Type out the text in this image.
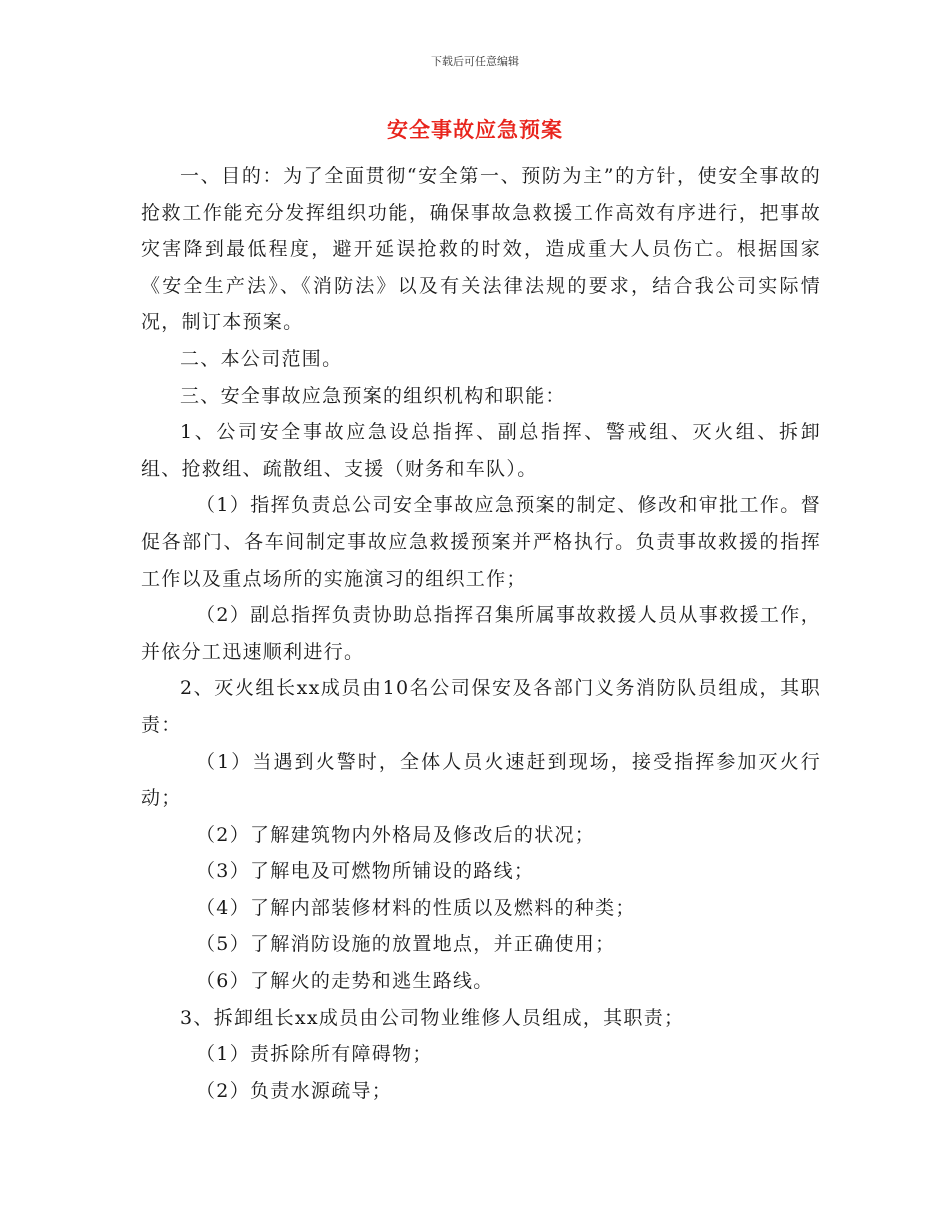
下载后可任意编辑
安全事故应急预案

一、目的：为了全面贯彻“安全第一、预防为主”的方针，使安全事故的抢救工作能充分发挥组织功能，确保事故急救援工作高效有序进行，把事故灾害降到最低程度，避开延误抢救的时效，造成重大人员伤亡。根据国家《安全生产法》、《消防法》以及有关法律法规的要求，结合我公司实际情况，制订本预案。

二、本公司范围。

三、安全事故应急预案的组织机构和职能：

1、公司安全事故应急设总指挥、副总指挥、警戒组、灭火组、拆卸组、抢救组、疏散组、支援（财务和车队）。

（1）指挥负责总公司安全事故应急预案的制定、修改和审批工作。督促各部门、各车间制定事故应急救援预案并严格执行。负责事故救援的指挥工作以及重点场所的实施演习的组织工作；

（2）副总指挥负责协助总指挥召集所属事故救援人员从事救援工作，并依分工迅速顺利进行。

2、灭火组长xx成员由10名公司保安及各部门义务消防队员组成，其职责：

（1）当遇到火警时，全体人员火速赶到现场，接受指挥参加灭火行动；

（2）了解建筑物内外格局及修改后的状况；

（3）了解电及可燃物所铺设的路线；

（4）了解内部装修材料的性质以及燃料的种类；

（5）了解消防设施的放置地点，并正确使用；

（6）了解火的走势和逃生路线。

3、拆卸组长xx成员由公司物业维修人员组成，其职责；

（1）责拆除所有障碍物；

（2）负责水源疏导；
